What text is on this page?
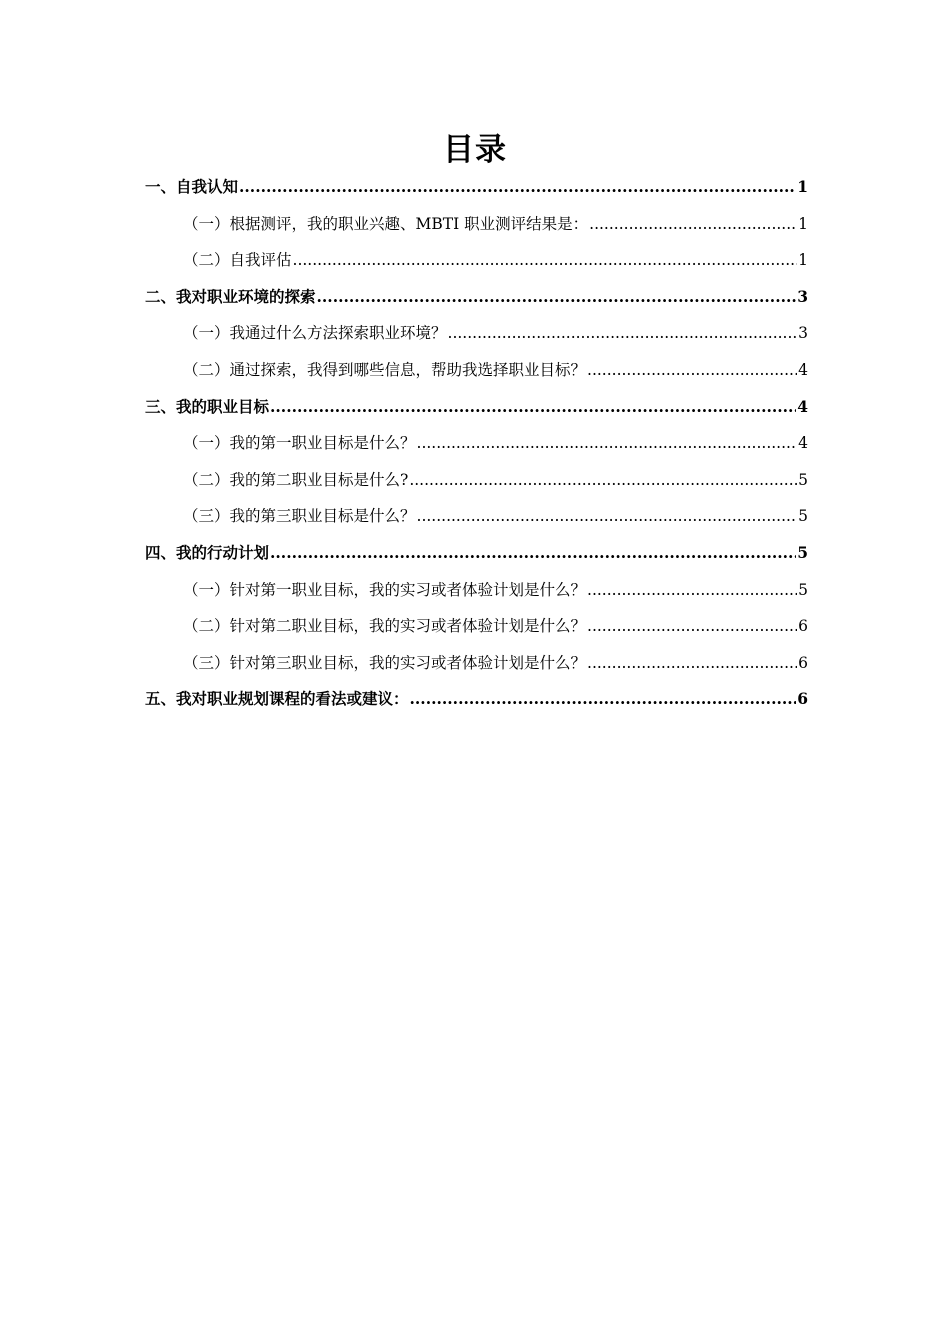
目录
一、自我认知 .....	1
（一）根据测评，我的职业兴趣、MBTI 职业测评结果是： .....	1
（二）自我评估 .....	1
二、我对职业环境的探索 .....	3
（一）我通过什么方法探索职业环境？ .....	3
（二）通过探索，我得到哪些信息，帮助我选择职业目标？ .....	4
三、我的职业目标 .....	4
（一）我的第一职业目标是什么？ .....	4
（二）我的第二职业目标是什么? .....	5
（三）我的第三职业目标是什么？ .....	5
四、我的行动计划 .....	5
（一）针对第一职业目标，我的实习或者体验计划是什么？ .....	5
（二）针对第二职业目标，我的实习或者体验计划是什么？ .....	6
（三）针对第三职业目标，我的实习或者体验计划是什么？ .....	6
五、我对职业规划课程的看法或建议： .....	6
